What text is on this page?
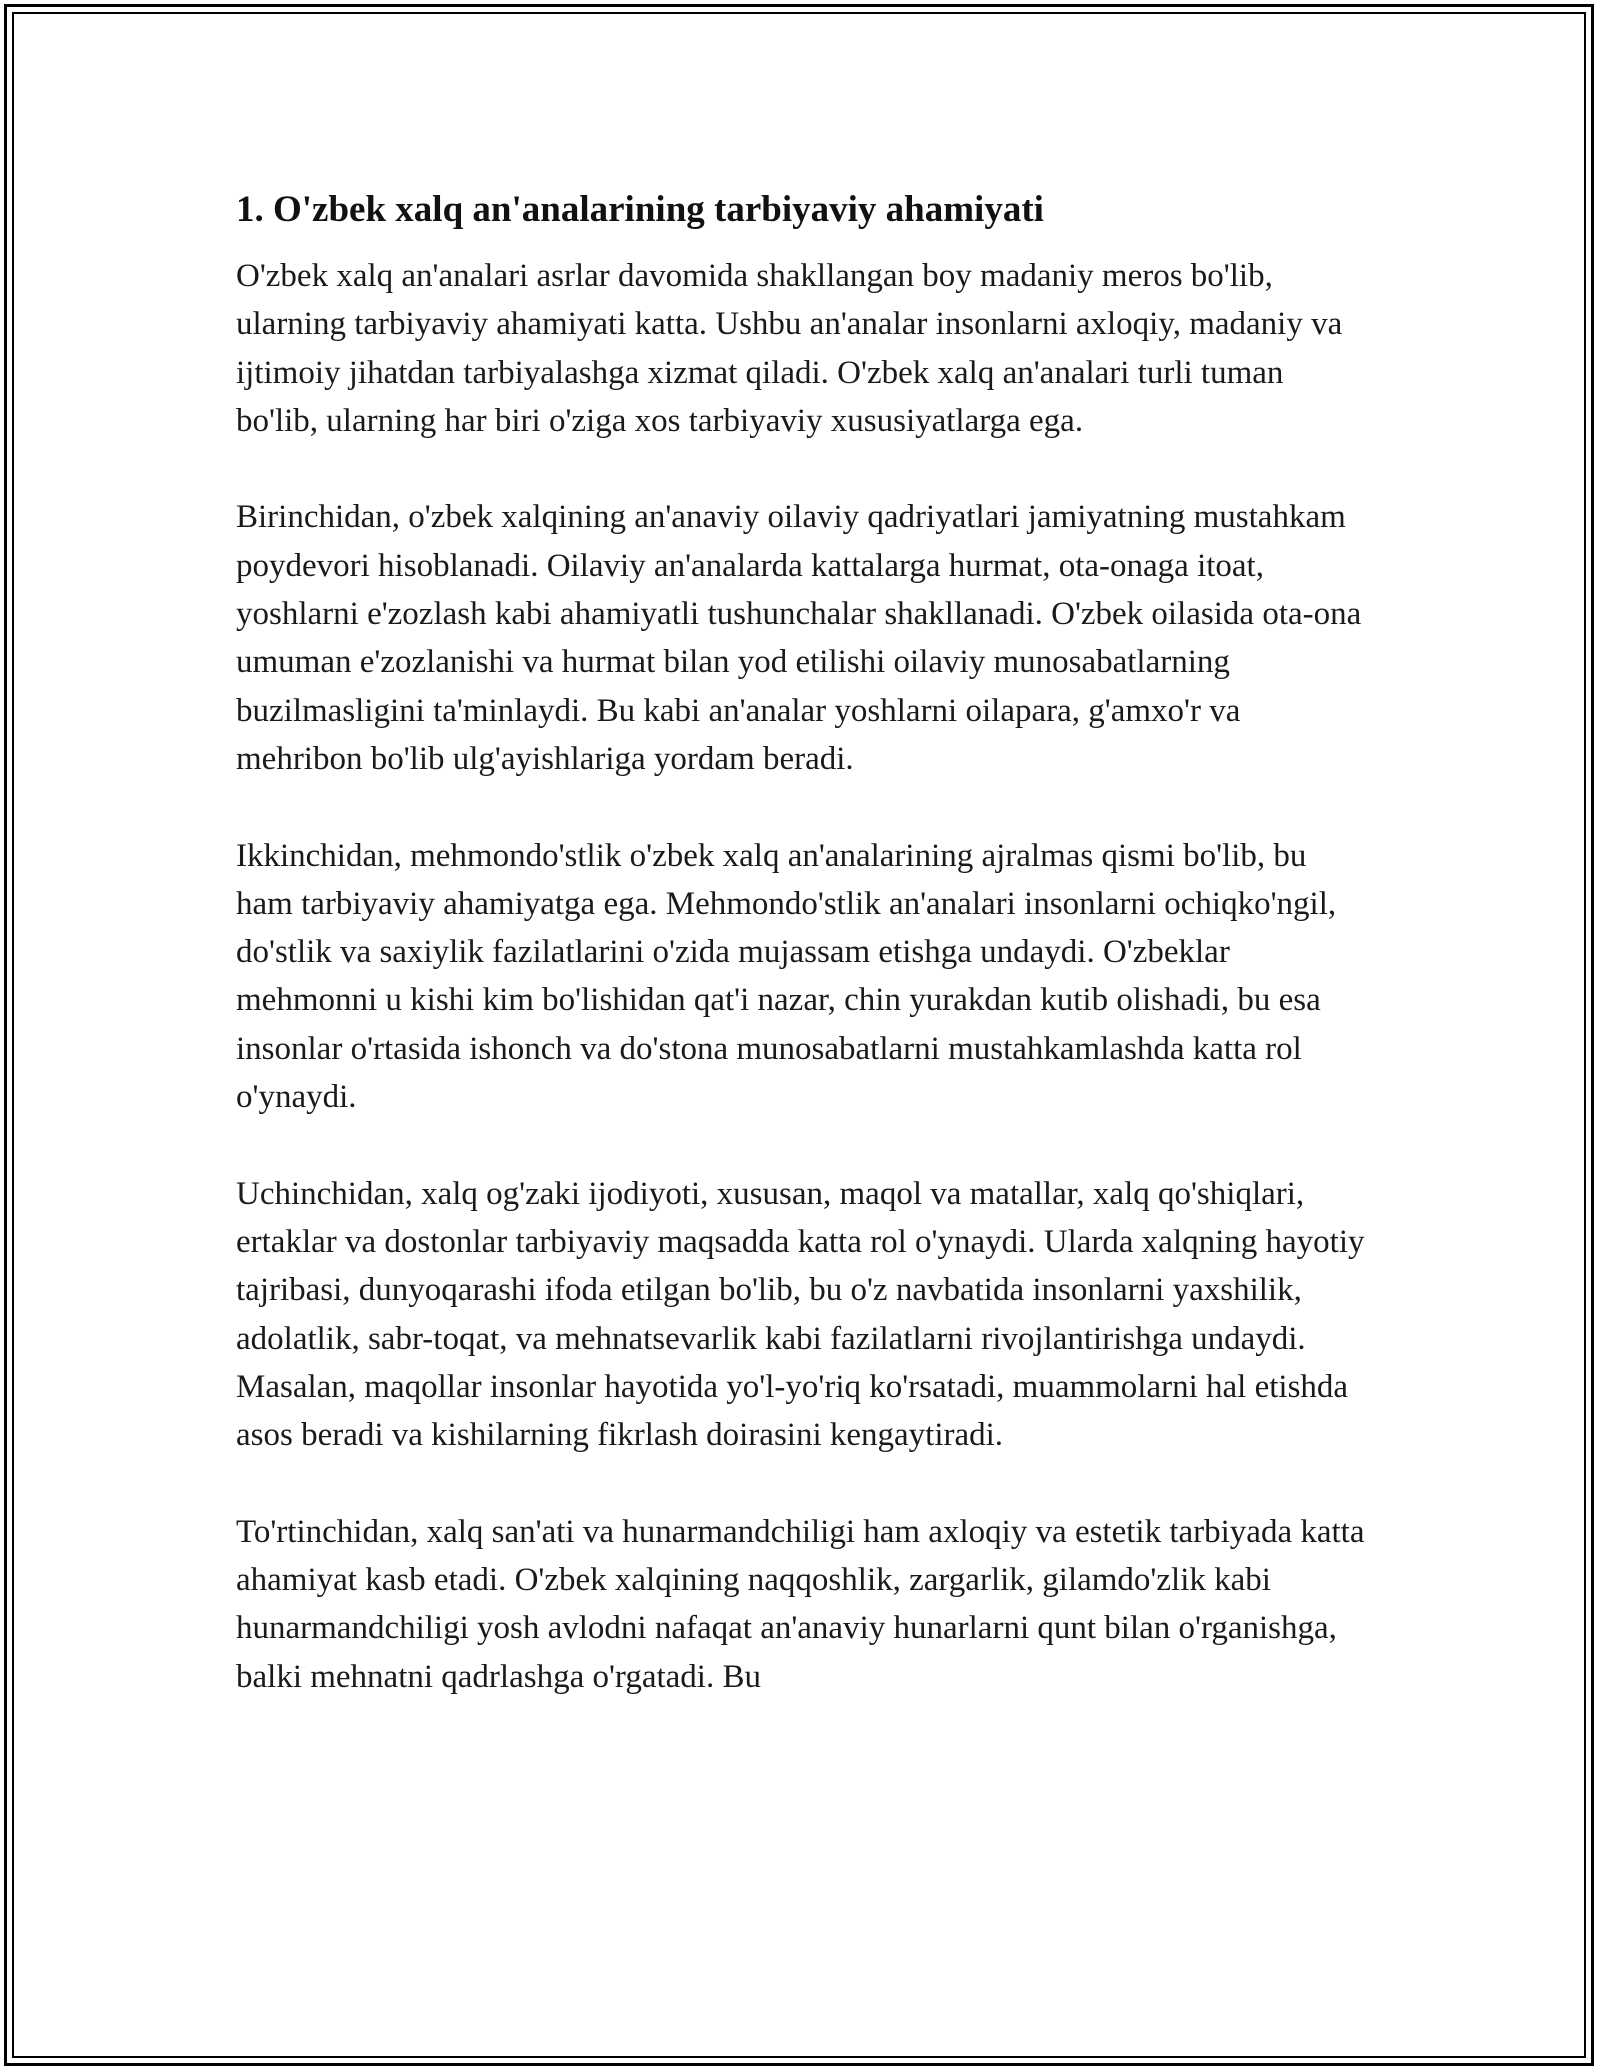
1. O'zbek xalq an'analarining tarbiyaviy ahamiyati

O'zbek xalq an'analari asrlar davomida shakllangan boy madaniy meros bo'lib, ularning tarbiyaviy ahamiyati katta. Ushbu an'analar insonlarni axloqiy, madaniy va ijtimoiy jihatdan tarbiyalashga xizmat qiladi. O'zbek xalq an'analari turli tuman bo'lib, ularning har biri o'ziga xos tarbiyaviy xususiyatlarga ega.

Birinchidan, o'zbek xalqining an'anaviy oilaviy qadriyatlari jamiyatning mustahkam poydevori hisoblanadi. Oilaviy an'analarda kattalarga hurmat, ota-onaga itoat, yoshlarni e'zozlash kabi ahamiyatli tushunchalar shakllanadi. O'zbek oilasida ota-ona umuman e'zozlanishi va hurmat bilan yod etilishi oilaviy munosabatlarning buzilmasligini ta'minlaydi. Bu kabi an'analar yoshlarni oilapara, g'amxo'r va mehribon bo'lib ulg'ayishlariga yordam beradi.

Ikkinchidan, mehmondo'stlik o'zbek xalq an'analarining ajralmas qismi bo'lib, bu ham tarbiyaviy ahamiyatga ega. Mehmondo'stlik an'analari insonlarni ochiqko'ngil, do'stlik va saxiylik fazilatlarini o'zida mujassam etishga undaydi. O'zbeklar mehmonni u kishi kim bo'lishidan qat'i nazar, chin yurakdan kutib olishadi, bu esa insonlar o'rtasida ishonch va do'stona munosabatlarni mustahkamlashda katta rol o'ynaydi.

Uchinchidan, xalq og'zaki ijodiyoti, xususan, maqol va matallar, xalq qo'shiqlari, ertaklar va dostonlar tarbiyaviy maqsadda katta rol o'ynaydi. Ularda xalqning hayotiy tajribasi, dunyoqarashi ifoda etilgan bo'lib, bu o'z navbatida insonlarni yaxshilik, adolatlik, sabr-toqat, va mehnatsevarlik kabi fazilatlarni rivojlantirishga undaydi. Masalan, maqollar insonlar hayotida yo'l-yo'riq ko'rsatadi, muammolarni hal etishda asos beradi va kishilarning fikrlash doirasini kengaytiradi.

To'rtinchidan, xalq san'ati va hunarmandchiligi ham axloqiy va estetik tarbiyada katta ahamiyat kasb etadi. O'zbek xalqining naqqoshlik, zargarlik, gilamdo'zlik kabi hunarmandchiligi yosh avlodni nafaqat an'anaviy hunarlarni qunt bilan o'rganishga, balki mehnatni qadrlashga o'rgatadi. Bu
